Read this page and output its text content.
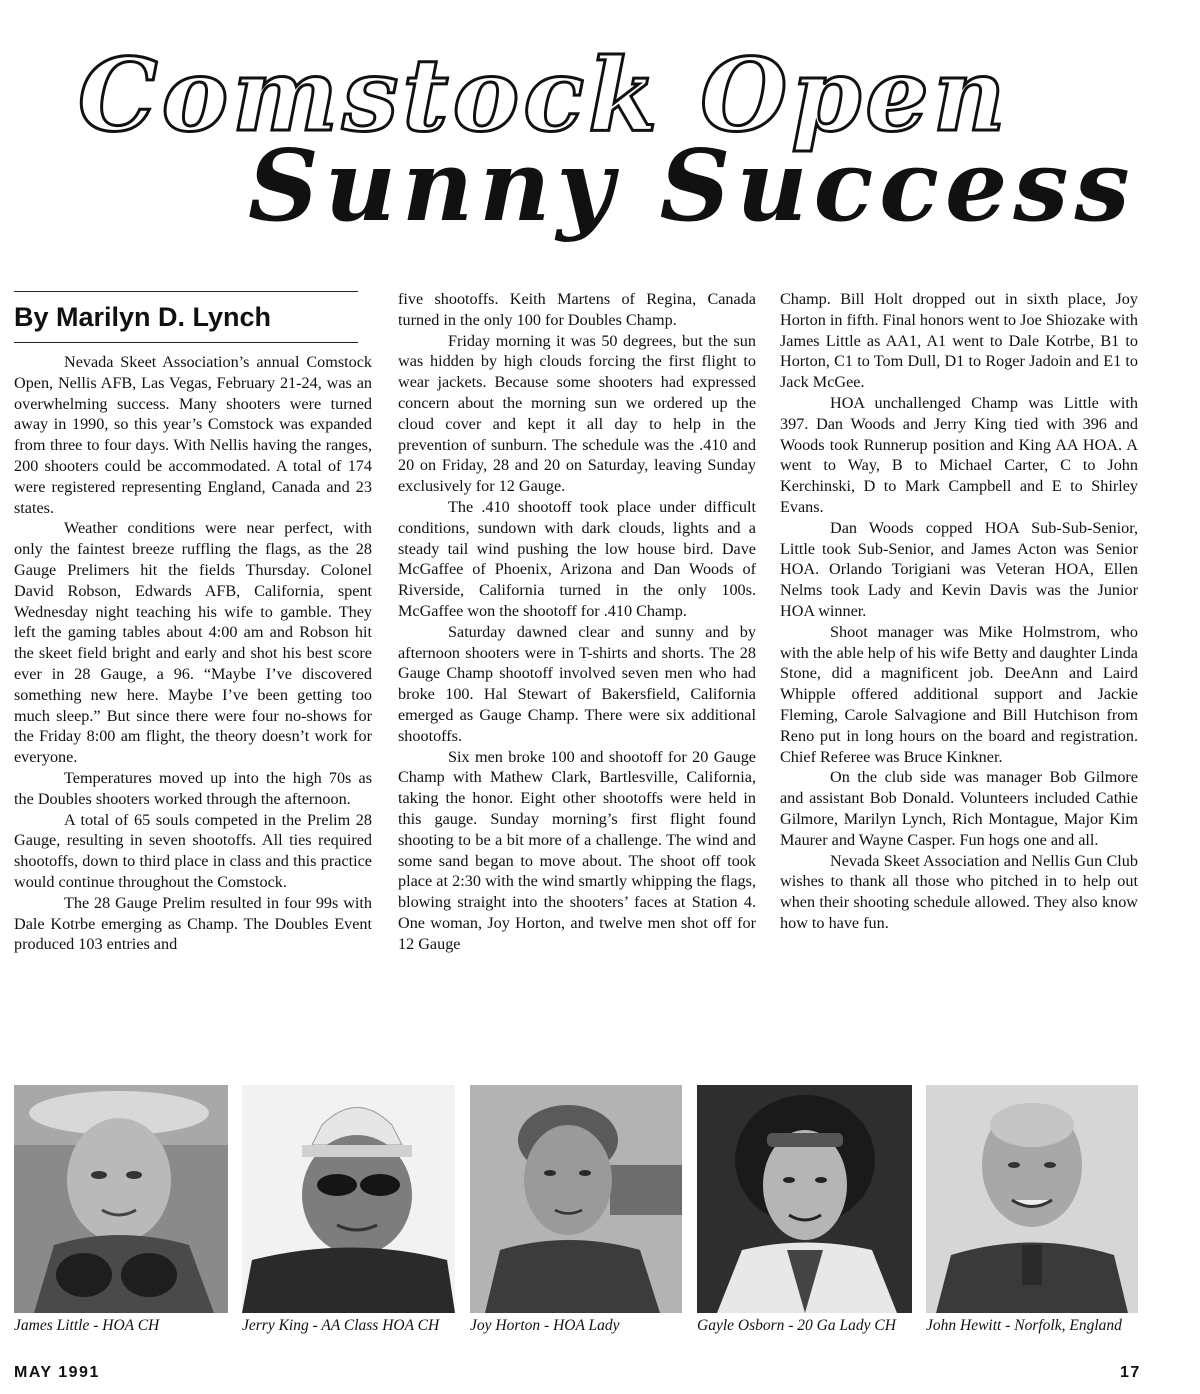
Comstock Open
Sunny Success
By Marilyn D. Lynch

Nevada Skeet Association’s annual Comstock Open, Nellis AFB, Las Vegas, February 21-24, was an overwhelming success. Many shooters were turned away in 1990, so this year’s Comstock was expanded from three to four days. With Nellis having the ranges, 200 shooters could be accommodated. A total of 174 were registered representing England, Canada and 23 states.

Weather conditions were near perfect, with only the faintest breeze ruffling the flags, as the 28 Gauge Prelimers hit the fields Thursday. Colonel David Robson, Edwards AFB, California, spent Wednesday night teaching his wife to gamble. They left the gaming tables about 4:00 am and Robson hit the skeet field bright and early and shot his best score ever in 28 Gauge, a 96. “Maybe I’ve discovered something new here. Maybe I’ve been getting too much sleep.” But since there were four no-shows for the Friday 8:00 am flight, the theory doesn’t work for everyone.

Temperatures moved up into the high 70s as the Doubles shooters worked through the afternoon.

A total of 65 souls competed in the Prelim 28 Gauge, resulting in seven shootoffs. All ties required shootoffs, down to third place in class and this practice would continue throughout the Comstock.

The 28 Gauge Prelim resulted in four 99s with Dale Kotrbe emerging as Champ. The Doubles Event produced 103 entries and

five shootoffs. Keith Martens of Regina, Canada turned in the only 100 for Doubles Champ.

Friday morning it was 50 degrees, but the sun was hidden by high clouds forcing the first flight to wear jackets. Because some shooters had expressed concern about the morning sun we ordered up the cloud cover and kept it all day to help in the prevention of sunburn. The schedule was the .410 and 20 on Friday, 28 and 20 on Saturday, leaving Sunday exclusively for 12 Gauge.

The .410 shootoff took place under difficult conditions, sundown with dark clouds, lights and a steady tail wind pushing the low house bird. Dave McGaffee of Phoenix, Arizona and Dan Woods of Riverside, California turned in the only 100s. McGaffee won the shootoff for .410 Champ.

Saturday dawned clear and sunny and by afternoon shooters were in T-shirts and shorts. The 28 Gauge Champ shootoff involved seven men who had broke 100. Hal Stewart of Bakersfield, California emerged as Gauge Champ. There were six additional shootoffs.

Six men broke 100 and shootoff for 20 Gauge Champ with Mathew Clark, Bartlesville, California, taking the honor. Eight other shootoffs were held in this gauge. Sunday morning’s first flight found shooting to be a bit more of a challenge. The wind and some sand began to move about. The shoot off took place at 2:30 with the wind smartly whipping the flags, blowing straight into the shooters’ faces at Station 4. One woman, Joy Horton, and twelve men shot off for 12 Gauge

Champ. Bill Holt dropped out in sixth place, Joy Horton in fifth. Final honors went to Joe Shiozake with James Little as AA1, A1 went to Dale Kotrbe, B1 to Horton, C1 to Tom Dull, D1 to Roger Jadoin and E1 to Jack McGee.

HOA unchallenged Champ was Little with 397. Dan Woods and Jerry King tied with 396 and Woods took Runnerup position and King AA HOA. A went to Way, B to Michael Carter, C to John Kerchinski, D to Mark Campbell and E to Shirley Evans.

Dan Woods copped HOA Sub-Sub-Senior, Little took Sub-Senior, and James Acton was Senior HOA. Orlando Torigiani was Veteran HOA, Ellen Nelms took Lady and Kevin Davis was the Junior HOA winner.

Shoot manager was Mike Holmstrom, who with the able help of his wife Betty and daughter Linda Stone, did a magnificent job. DeeAnn and Laird Whipple offered additional support and Jackie Fleming, Carole Salvagione and Bill Hutchison from Reno put in long hours on the board and registration. Chief Referee was Bruce Kinkner.

On the club side was manager Bob Gilmore and assistant Bob Donald. Volunteers included Cathie Gilmore, Marilyn Lynch, Rich Montague, Major Kim Maurer and Wayne Casper. Fun hogs one and all.

Nevada Skeet Association and Nellis Gun Club wishes to thank all those who pitched in to help out when their shooting schedule allowed. They also know how to have fun.

James Little - HOA CH	Jerry King - AA Class HOA CH	Joy Horton - HOA Lady	Gayle Osborn - 20 Ga Lady CH	John Hewitt - Norfolk, England
MAY 1991	17
